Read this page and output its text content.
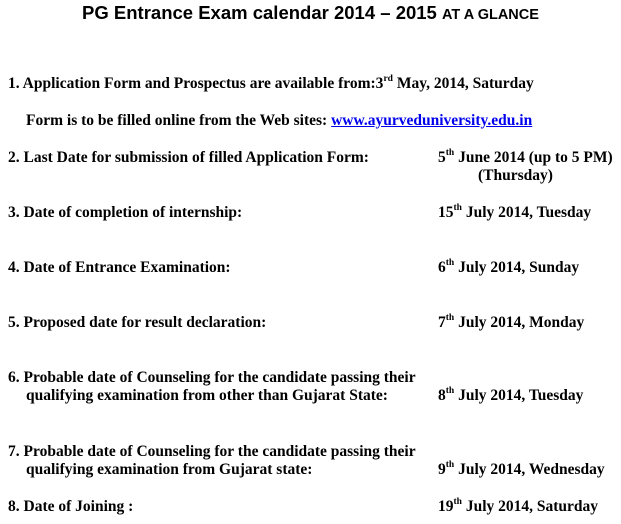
PG Entrance Exam calendar 2014 – 2015 AT A GLANCE
1. Application Form and Prospectus are available from:3rd May, 2014, Saturday
Form is to be filled online from the Web sites: www.ayurveduniversity.edu.in
2. Last Date for submission of filled Application Form:	5th June 2014 (up to 5 PM)
(Thursday)
3. Date of completion of internship:	15th July 2014, Tuesday
4. Date of Entrance Examination:	6th July 2014, Sunday
5. Proposed date for result declaration:	7th July 2014, Monday
6. Probable date of Counseling for the candidate passing their
qualifying examination from other than Gujarat State:	8th July 2014, Tuesday
7. Probable date of Counseling for the candidate passing their
qualifying examination from Gujarat state:	9th July 2014, Wednesday
8. Date of Joining :	19th July 2014, Saturday
